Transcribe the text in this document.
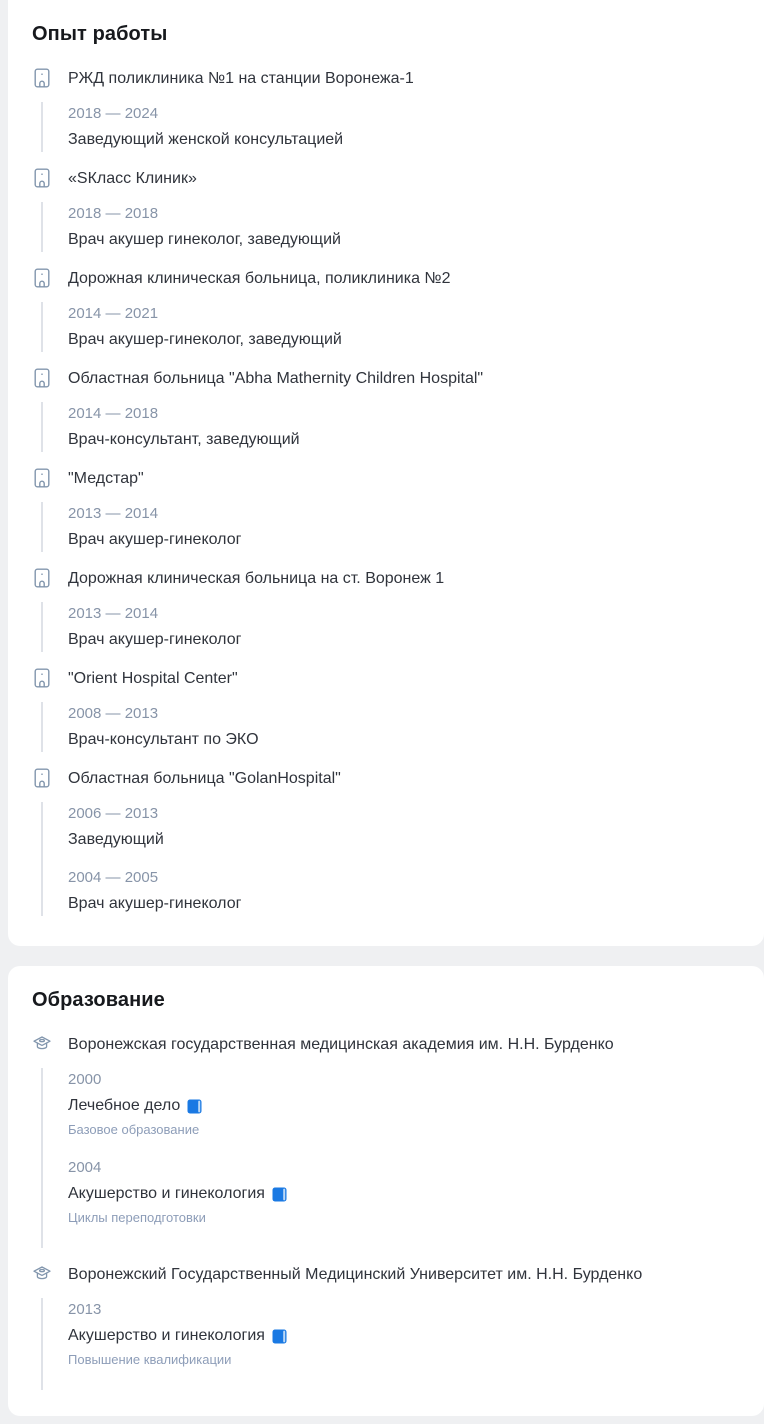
Опыт работы
РЖД поликлиника №1 на станции Воронежа-1
2018 — 2024
Заведующий женской консультацией
«SКласс Клиник»
2018 — 2018
Врач акушер гинеколог, заведующий
Дорожная клиническая больница, поликлиника №2
2014 — 2021
Врач акушер-гинеколог, заведующий
Областная больница "Abha Mathernity Children Hospital"
2014 — 2018
Врач-консультант, заведующий
"Медстар"
2013 — 2014
Врач акушер-гинеколог
Дорожная клиническая больница на ст. Воронеж 1
2013 — 2014
Врач акушер-гинеколог
"Orient Hospital Center"
2008 — 2013
Врач-консультант по ЭКО
Областная больница "GolanHospital"
2006 — 2013
Заведующий
2004 — 2005
Врач акушер-гинеколог
Образование
Воронежская государственная медицинская академия им. Н.Н. Бурденко
2000
Лечебное дело
Базовое образование
2004
Акушерство и гинекология
Циклы переподготовки
Воронежский Государственный Медицинский Университет им. Н.Н. Бурденко
2013
Акушерство и гинекология
Повышение квалификации
